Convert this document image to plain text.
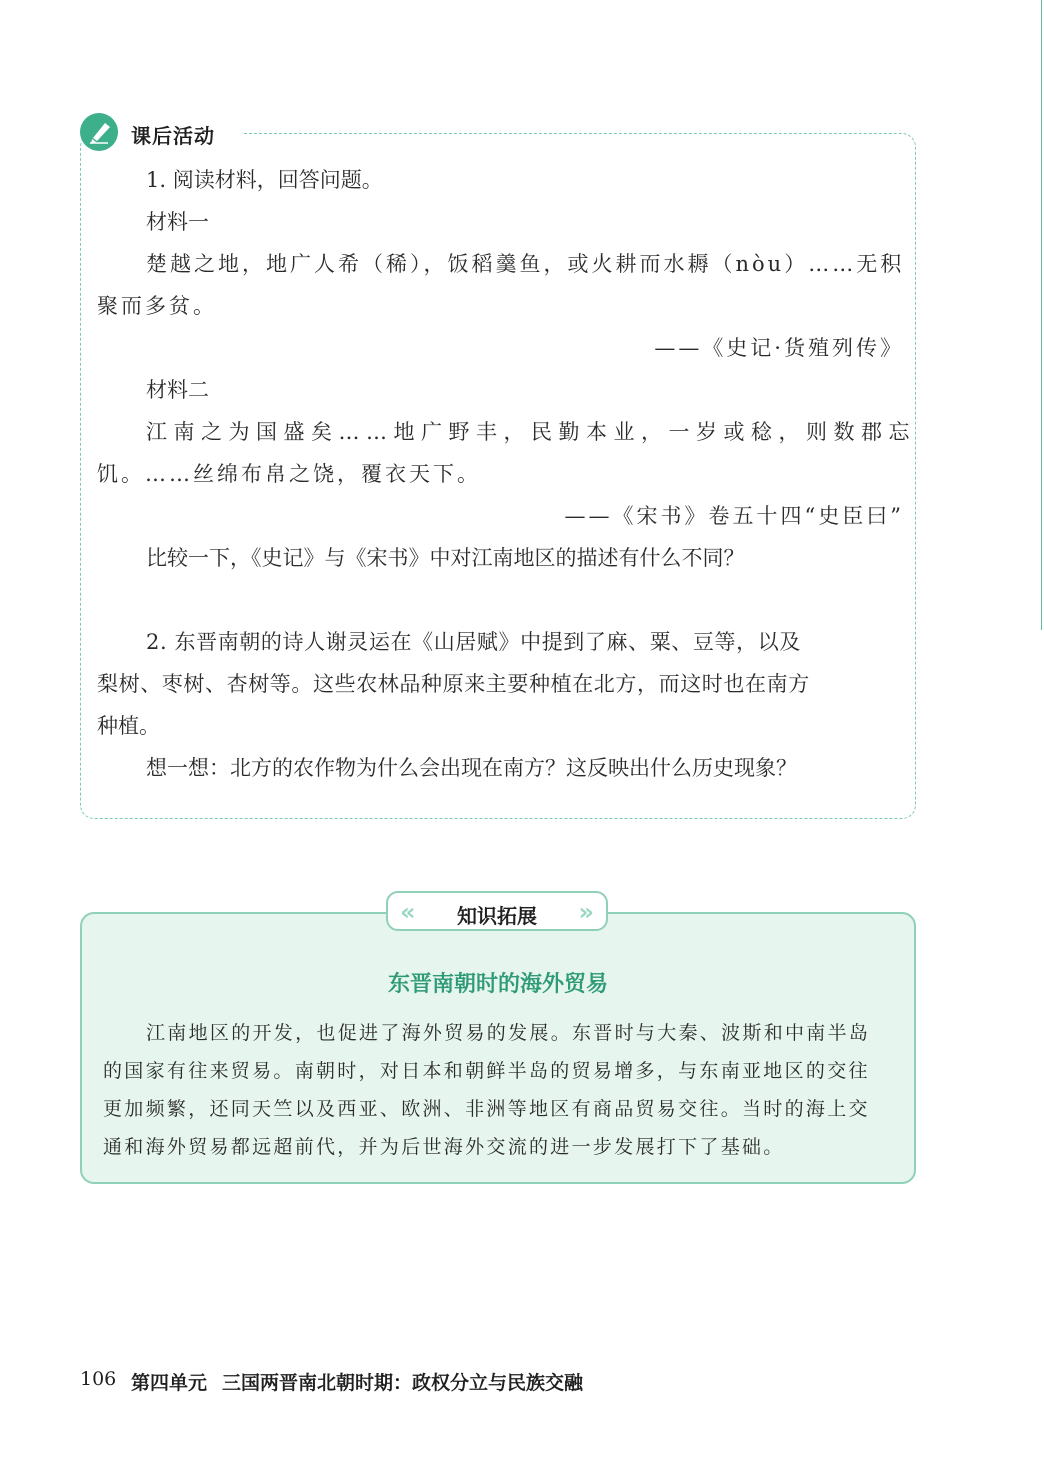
课后活动
1. 阅读材料，回答问题。
材料一
楚越之地，地广人希（稀），饭稻羹鱼，或火耕而水耨（nòu）……无积
聚而多贫。
——《史记·货殖列传》
材料二
江南之为国盛矣……地广野丰，民勤本业，一岁或稔，则数郡忘
饥。……丝绵布帛之饶，覆衣天下。
——《宋书》卷五十四“史臣曰”
比较一下，《史记》与《宋书》中对江南地区的描述有什么不同？
2. 东晋南朝的诗人谢灵运在《山居赋》中提到了麻、粟、豆等，以及
梨树、枣树、杏树等。这些农林品种原来主要种植在北方，而这时也在南方
种植。
想一想：北方的农作物为什么会出现在南方？这反映出什么历史现象？
«	知识拓展	»
东晋南朝时的海外贸易
江南地区的开发，也促进了海外贸易的发展。东晋时与大秦、波斯和中南半岛
的国家有往来贸易。南朝时，对日本和朝鲜半岛的贸易增多，与东南亚地区的交往
更加频繁，还同天竺以及西亚、欧洲、非洲等地区有商品贸易交往。当时的海上交
通和海外贸易都远超前代，并为后世海外交流的进一步发展打下了基础。
106 第四单元 三国两晋南北朝时期：政权分立与民族交融
